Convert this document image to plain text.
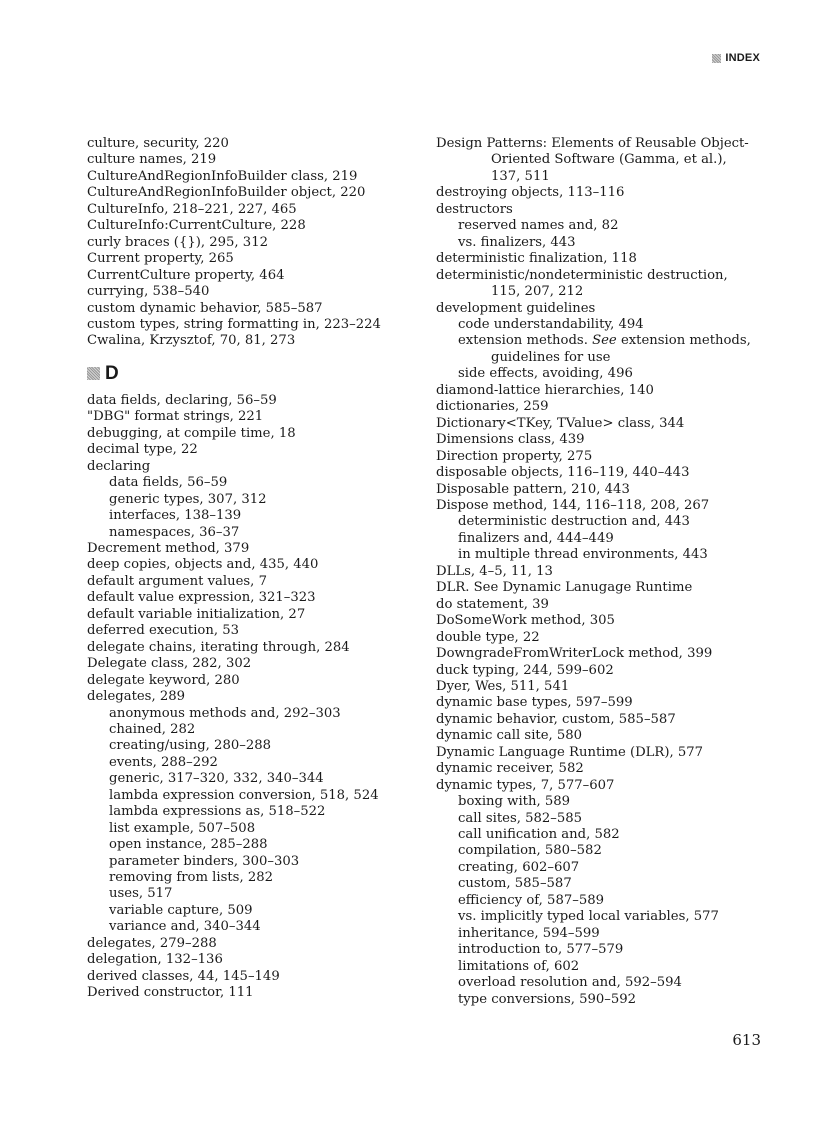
INDEX
culture, security, 220
culture names, 219
CultureAndRegionInfoBuilder class, 219
CultureAndRegionInfoBuilder object, 220
CultureInfo, 218–221, 227, 465
CultureInfo:CurrentCulture, 228
curly braces ({}), 295, 312
Current property, 265
CurrentCulture property, 464
currying, 538–540
custom dynamic behavior, 585–587
custom types, string formatting in, 223–224
Cwalina, Krzysztof, 70, 81, 273
D
data fields, declaring, 56–59
"DBG" format strings, 221
debugging, at compile time, 18
decimal type, 22
declaring
data fields, 56–59
generic types, 307, 312
interfaces, 138–139
namespaces, 36–37
Decrement method, 379
deep copies, objects and, 435, 440
default argument values, 7
default value expression, 321–323
default variable initialization, 27
deferred execution, 53
delegate chains, iterating through, 284
Delegate class, 282, 302
delegate keyword, 280
delegates, 289
anonymous methods and, 292–303
chained, 282
creating/using, 280–288
events, 288–292
generic, 317–320, 332, 340–344
lambda expression conversion, 518, 524
lambda expressions as, 518–522
list example, 507–508
open instance, 285–288
parameter binders, 300–303
removing from lists, 282
uses, 517
variable capture, 509
variance and, 340–344
delegates, 279–288
delegation, 132–136
derived classes, 44, 145–149
Derived constructor, 111
Design Patterns: Elements of Reusable Object-
Oriented Software (Gamma, et al.),
137, 511
destroying objects, 113–116
destructors
reserved names and, 82
vs. finalizers, 443
deterministic finalization, 118
deterministic/nondeterministic destruction,
115, 207, 212
development guidelines
code understandability, 494
extension methods. See extension methods,
guidelines for use
side effects, avoiding, 496
diamond-lattice hierarchies, 140
dictionaries, 259
Dictionary<TKey, TValue> class, 344
Dimensions class, 439
Direction property, 275
disposable objects, 116–119, 440–443
Disposable pattern, 210, 443
Dispose method, 144, 116–118, 208, 267
deterministic destruction and, 443
finalizers and, 444–449
in multiple thread environments, 443
DLLs, 4–5, 11, 13
DLR. See Dynamic Lanugage Runtime
do statement, 39
DoSomeWork method, 305
double type, 22
DowngradeFromWriterLock method, 399
duck typing, 244, 599–602
Dyer, Wes, 511, 541
dynamic base types, 597–599
dynamic behavior, custom, 585–587
dynamic call site, 580
Dynamic Language Runtime (DLR), 577
dynamic receiver, 582
dynamic types, 7, 577–607
boxing with, 589
call sites, 582–585
call unification and, 582
compilation, 580–582
creating, 602–607
custom, 585–587
efficiency of, 587–589
vs. implicitly typed local variables, 577
inheritance, 594–599
introduction to, 577–579
limitations of, 602
overload resolution and, 592–594
type conversions, 590–592
613
